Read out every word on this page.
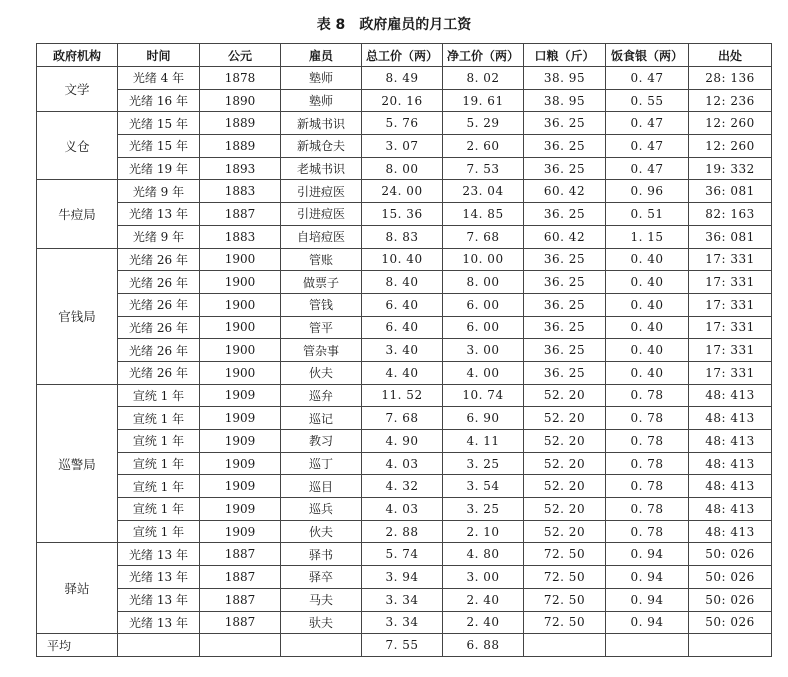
表 8 政府雇员的月工资
政府机构	时间	公元	雇员	总工价（两）	净工价（两）	口粮（斤）	饭食银（两）	出处
文学	光绪 4 年	1878	塾师	8. 49	8. 02	38. 95	0. 47	28: 136
	光绪 16 年	1890	塾师	20. 16	19. 61	38. 95	0. 55	12: 236
义仓	光绪 15 年	1889	新城书识	5. 76	5. 29	36. 25	0. 47	12: 260
	光绪 15 年	1889	新城仓夫	3. 07	2. 60	36. 25	0. 47	12: 260
	光绪 19 年	1893	老城书识	8. 00	7. 53	36. 25	0. 47	19: 332
牛痘局	光绪 9 年	1883	引进痘医	24. 00	23. 04	60. 42	0. 96	36: 081
	光绪 13 年	1887	引进痘医	15. 36	14. 85	36. 25	0. 51	82: 163
	光绪 9 年	1883	自培痘医	8. 83	7. 68	60. 42	1. 15	36: 081
官钱局	光绪 26 年	1900	管账	10. 40	10. 00	36. 25	0. 40	17: 331
	光绪 26 年	1900	做票子	8. 40	8. 00	36. 25	0. 40	17: 331
	光绪 26 年	1900	管钱	6. 40	6. 00	36. 25	0. 40	17: 331
	光绪 26 年	1900	管平	6. 40	6. 00	36. 25	0. 40	17: 331
	光绪 26 年	1900	管杂事	3. 40	3. 00	36. 25	0. 40	17: 331
	光绪 26 年	1900	伙夫	4. 40	4. 00	36. 25	0. 40	17: 331
巡警局	宣统 1 年	1909	巡弁	11. 52	10. 74	52. 20	0. 78	48: 413
	宣统 1 年	1909	巡记	7. 68	6. 90	52. 20	0. 78	48: 413
	宣统 1 年	1909	教习	4. 90	4. 11	52. 20	0. 78	48: 413
	宣统 1 年	1909	巡丁	4. 03	3. 25	52. 20	0. 78	48: 413
	宣统 1 年	1909	巡目	4. 32	3. 54	52. 20	0. 78	48: 413
	宣统 1 年	1909	巡兵	4. 03	3. 25	52. 20	0. 78	48: 413
	宣统 1 年	1909	伙夫	2. 88	2. 10	52. 20	0. 78	48: 413
驿站	光绪 13 年	1887	驿书	5. 74	4. 80	72. 50	0. 94	50: 026
	光绪 13 年	1887	驿卒	3. 94	3. 00	72. 50	0. 94	50: 026
	光绪 13 年	1887	马夫	3. 34	2. 40	72. 50	0. 94	50: 026
	光绪 13 年	1887	驮夫	3. 34	2. 40	72. 50	0. 94	50: 026
平均				7. 55	6. 88			
